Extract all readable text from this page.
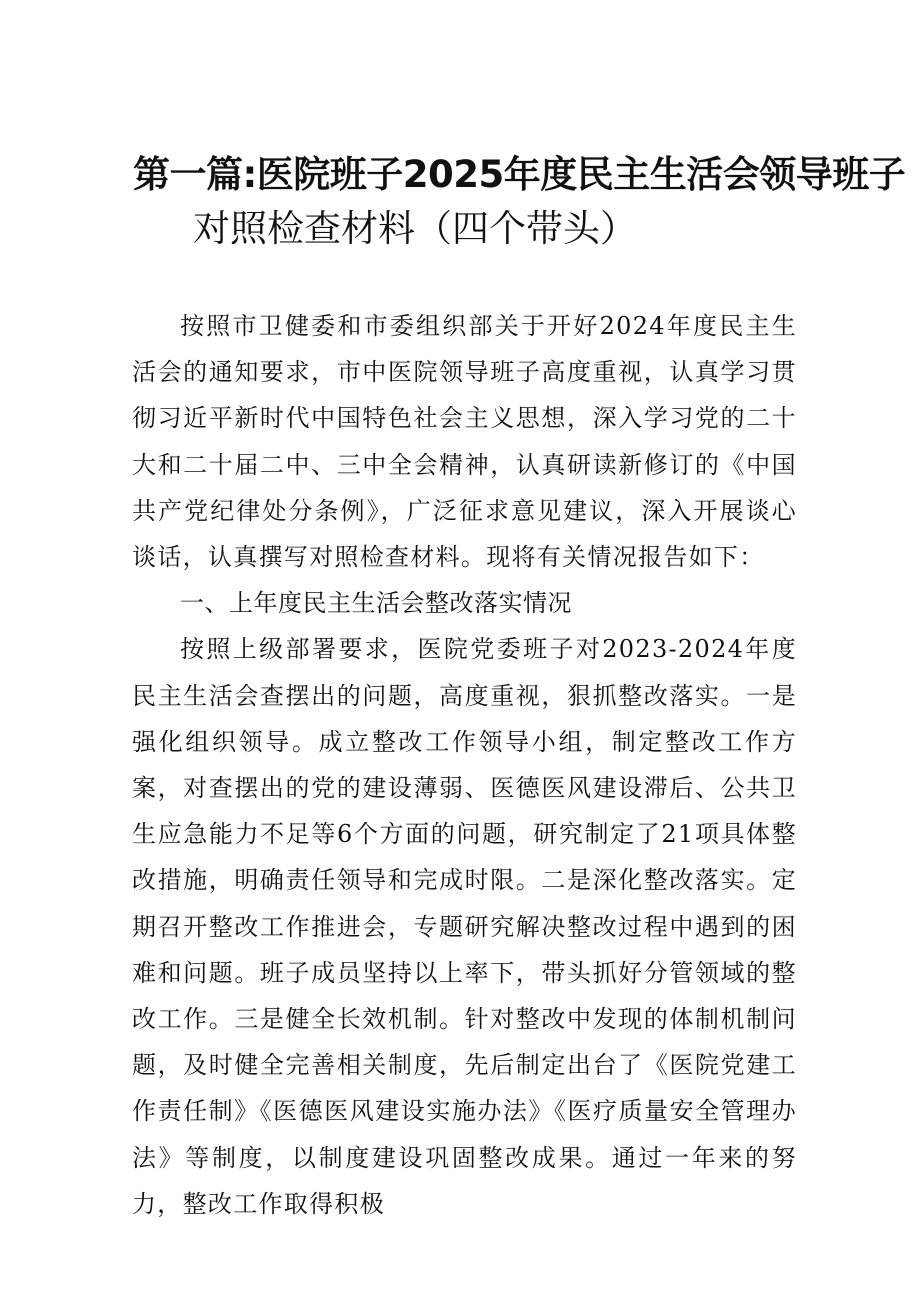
第一篇:医院班子2025年度民主生活会领导班子
对照检查材料（四个带头）

按照市卫健委和市委组织部关于开好2024年度民主生活会的通知要求，市中医院领导班子高度重视，认真学习贯彻习近平新时代中国特色社会主义思想，深入学习党的二十大和二十届二中、三中全会精神，认真研读新修订的《中国共产党纪律处分条例》，广泛征求意见建议，深入开展谈心谈话，认真撰写对照检查材料。现将有关情况报告如下：

一、上年度民主生活会整改落实情况

按照上级部署要求，医院党委班子对2023-2024年度民主生活会查摆出的问题，高度重视，狠抓整改落实。一是强化组织领导。成立整改工作领导小组，制定整改工作方案，对查摆出的党的建设薄弱、医德医风建设滞后、公共卫生应急能力不足等6个方面的问题，研究制定了21项具体整改措施，明确责任领导和完成时限。二是深化整改落实。定期召开整改工作推进会，专题研究解决整改过程中遇到的困难和问题。班子成员坚持以上率下，带头抓好分管领域的整改工作。三是健全长效机制。针对整改中发现的体制机制问题，及时健全完善相关制度，先后制定出台了《医院党建工作责任制》《医德医风建设实施办法》《医疗质量安全管理办法》等制度，以制度建设巩固整改成果。通过一年来的努力，整改工作取得积极
